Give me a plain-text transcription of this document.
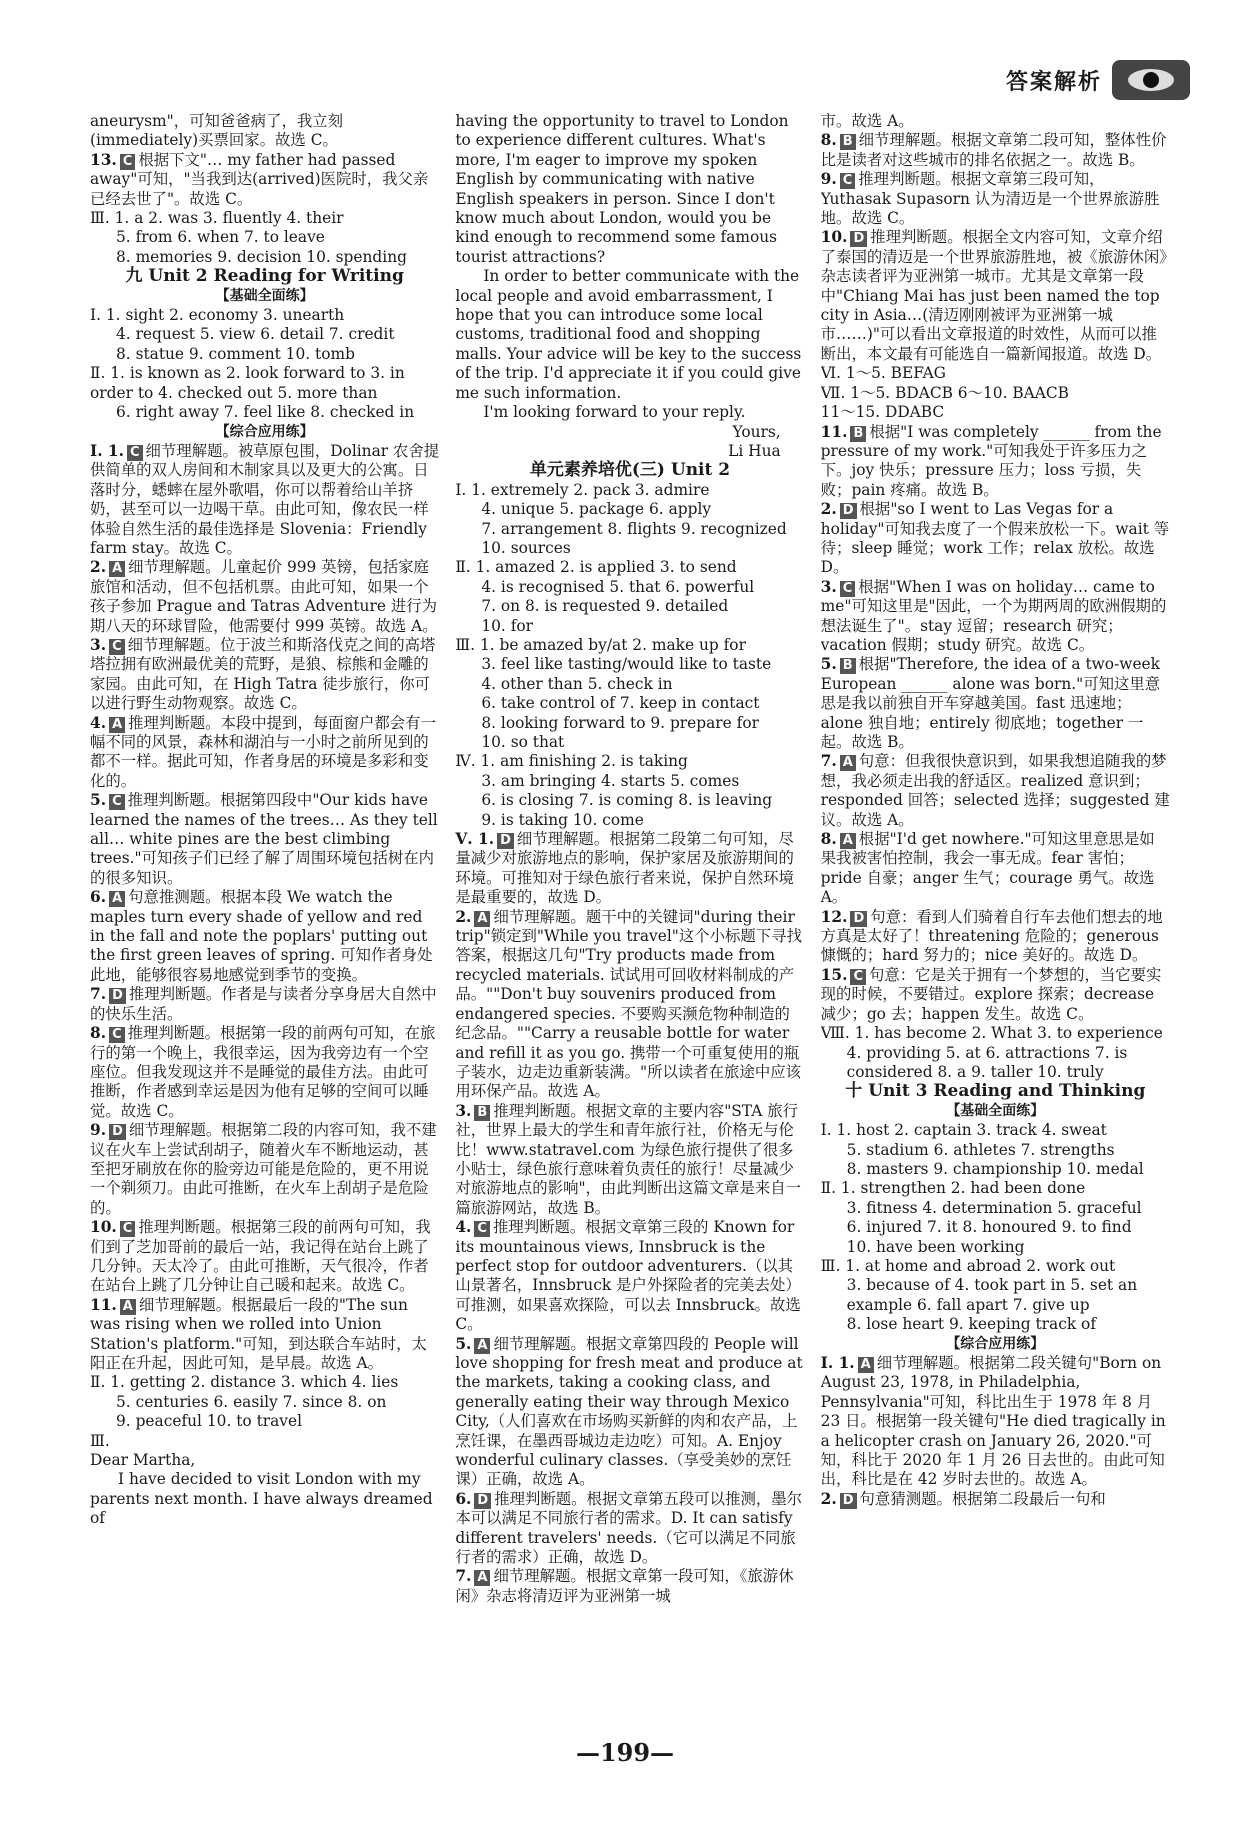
答案解析

aneurysm"，可知爸爸病了，我立刻(immediately)买票回家。故选 C。

13. C 根据下文"… my father had passed away"可知，"当我到达(arrived)医院时，我父亲已经去世了"。故选 C。

Ⅲ. 1. a 2. was 3. fluently 4. their

5. from 6. when 7. to leave

8. memories 9. decision 10. spending

九 Unit 2 Reading for Writing

【基础全面练】

Ⅰ. 1. sight 2. economy 3. unearth

4. request 5. view 6. detail 7. credit

8. statue 9. comment 10. tomb

Ⅱ. 1. is known as 2. look forward to 3. in order to 4. checked out 5. more than

6. right away 7. feel like 8. checked in

【综合应用练】

Ⅰ. 1. C 细节理解题。被草原包围，Dolinar 农舍提供简单的双人房间和木制家具以及更大的公寓。日落时分，蟋蟀在屋外歌唱，你可以帮着给山羊挤奶，甚至可以一边喝干草。由此可知，像农民一样体验自然生活的最佳选择是 Slovenia：Friendly farm stay。故选 C。

2. A 细节理解题。儿童起价 999 英镑，包括家庭旅馆和活动，但不包括机票。由此可知，如果一个孩子参加 Prague and Tatras Adventure 进行为期八天的环球冒险，他需要付 999 英镑。故选 A。

3. C 细节理解题。位于波兰和斯洛伐克之间的高塔塔拉拥有欧洲最优美的荒野，是狼、棕熊和金雕的家园。由此可知，在 High Tatra 徒步旅行，你可以进行野生动物观察。故选 C。

4. A 推理判断题。本段中提到，每面窗户都会有一幅不同的风景，森林和湖泊与一小时之前所见到的都不一样。据此可知，作者身居的环境是多彩和变化的。

5. C 推理判断题。根据第四段中"Our kids have learned the names of the trees… As they tell all… white pines are the best climbing trees."可知孩子们已经了解了周围环境包括树在内的很多知识。

6. A 句意推测题。根据本段 We watch the maples turn every shade of yellow and red in the fall and note the poplars' putting out the first green leaves of spring. 可知作者身处此地，能够很容易地感觉到季节的变换。

7. D 推理判断题。作者是与读者分享身居大自然中的快乐生活。

8. C 推理判断题。根据第一段的前两句可知，在旅行的第一个晚上，我很幸运，因为我旁边有一个空座位。但我发现这并不是睡觉的最佳方法。由此可推断，作者感到幸运是因为他有足够的空间可以睡觉。故选 C。

9. D 细节理解题。根据第二段的内容可知，我不建议在火车上尝试刮胡子，随着火车不断地运动，甚至把牙刷放在你的脸旁边可能是危险的，更不用说一个剃须刀。由此可推断，在火车上刮胡子是危险的。

10. C 推理判断题。根据第三段的前两句可知，我们到了芝加哥前的最后一站，我记得在站台上跳了几分钟。天太冷了。由此可推断，天气很冷，作者在站台上跳了几分钟让自己暖和起来。故选 C。

11. A 细节理解题。根据最后一段的"The sun was rising when we rolled into Union Station's platform."可知，到达联合车站时，太阳正在升起，因此可知，是早晨。故选 A。

Ⅱ. 1. getting 2. distance 3. which 4. lies

5. centuries 6. easily 7. since 8. on

9. peaceful 10. to travel

Ⅲ.

Dear Martha,

I have decided to visit London with my parents next month. I have always dreamed of

having the opportunity to travel to London to experience different cultures. What's more, I'm eager to improve my spoken English by communicating with native English speakers in person. Since I don't know much about London, would you be kind enough to recommend some famous tourist attractions?

In order to better communicate with the local people and avoid embarrassment, I hope that you can introduce some local customs, traditional food and shopping malls. Your advice will be key to the success of the trip. I'd appreciate it if you could give me such information.

I'm looking forward to your reply.

Yours,

Li Hua

单元素养培优(三) Unit 2

Ⅰ. 1. extremely 2. pack 3. admire

4. unique 5. package 6. apply

7. arrangement 8. flights 9. recognized

10. sources

Ⅱ. 1. amazed 2. is applied 3. to send

4. is recognised 5. that 6. powerful

7. on 8. is requested 9. detailed

10. for

Ⅲ. 1. be amazed by/at 2. make up for

3. feel like tasting/would like to taste

4. other than 5. check in

6. take control of 7. keep in contact

8. looking forward to 9. prepare for

10. so that

Ⅳ. 1. am finishing 2. is taking

3. am bringing 4. starts 5. comes

6. is closing 7. is coming 8. is leaving

9. is taking 10. come

Ⅴ. 1. D 细节理解题。根据第二段第二句可知，尽量减少对旅游地点的影响，保护家居及旅游期间的环境。可推知对于绿色旅行者来说，保护自然环境是最重要的，故选 D。

2. A 细节理解题。题干中的关键词"during their trip"锁定到"While you travel"这个小标题下寻找答案，根据这几句"Try products made from recycled materials. 试试用可回收材料制成的产品。""Don't buy souvenirs produced from endangered species. 不要购买濒危物种制造的纪念品。""Carry a reusable bottle for water and refill it as you go. 携带一个可重复使用的瓶子装水，边走边重新装满。"所以读者在旅途中应该用环保产品。故选 A。

3. B 推理判断题。根据文章的主要内容"STA 旅行社，世界上最大的学生和青年旅行社，价格无与伦比！www.statravel.com 为绿色旅行提供了很多小贴士，绿色旅行意味着负责任的旅行！尽量减少对旅游地点的影响"，由此判断出这篇文章是来自一篇旅游网站，故选 B。

4. C 推理判断题。根据文章第三段的 Known for its mountainous views, Innsbruck is the perfect stop for outdoor adventurers.（以其山景著名，Innsbruck 是户外探险者的完美去处）可推测，如果喜欢探险，可以去 Innsbruck。故选 C。

5. A 细节理解题。根据文章第四段的 People will love shopping for fresh meat and produce at the markets, taking a cooking class, and generally eating their way through Mexico City,（人们喜欢在市场购买新鲜的肉和农产品，上烹饪课，在墨西哥城边走边吃）可知。A. Enjoy wonderful culinary classes.（享受美妙的烹饪课）正确，故选 A。

6. D 推理判断题。根据文章第五段可以推测，墨尔本可以满足不同旅行者的需求。D. It can satisfy different travelers' needs.（它可以满足不同旅行者的需求）正确，故选 D。

7. A 细节理解题。根据文章第一段可知，《旅游休闲》杂志将清迈评为亚洲第一城

市。故选 A。

8. B 细节理解题。根据文章第二段可知，整体性价比是读者对这些城市的排名依据之一。故选 B。

9. C 推理判断题。根据文章第三段可知，Yuthasak Supasorn 认为清迈是一个世界旅游胜地。故选 C。

10. D 推理判断题。根据全文内容可知，文章介绍了泰国的清迈是一个世界旅游胜地，被《旅游休闲》杂志读者评为亚洲第一城市。尤其是文章第一段中"Chiang Mai has just been named the top city in Asia…(清迈刚刚被评为亚洲第一城市……)"可以看出文章报道的时效性，从而可以推断出，本文最有可能选自一篇新闻报道。故选 D。

Ⅵ. 1～5. BEFAG

Ⅶ. 1～5. BDACB 6～10. BAACB

11～15. DDABC

11. B 根据"I was completely ______ from the pressure of my work."可知我处于许多压力之下。joy 快乐；pressure 压力；loss 亏损，失败；pain 疼痛。故选 B。

2. D 根据"so I went to Las Vegas for a holiday"可知我去度了一个假来放松一下。wait 等待；sleep 睡觉；work 工作；relax 放松。故选 D。

3. C 根据"When I was on holiday… came to me"可知这里是"因此，一个为期两周的欧洲假期的想法诞生了"。stay 逗留；research 研究；vacation 假期；study 研究。故选 C。

5. B 根据"Therefore, the idea of a two-week European ______ alone was born."可知这里意思是我以前独自开车穿越美国。fast 迅速地；alone 独自地；entirely 彻底地；together 一起。故选 B。

7. A 句意：但我很快意识到，如果我想追随我的梦想，我必须走出我的舒适区。realized 意识到；responded 回答；selected 选择；suggested 建议。故选 A。

8. A 根据"I'd get nowhere."可知这里意思是如果我被害怕控制，我会一事无成。fear 害怕；pride 自豪；anger 生气；courage 勇气。故选 A。

12. D 句意：看到人们骑着自行车去他们想去的地方真是太好了！threatening 危险的；generous 慷慨的；hard 努力的；nice 美好的。故选 D。

15. C 句意：它是关于拥有一个梦想的，当它要实现的时候，不要错过。explore 探索；decrease 减少；go 去；happen 发生。故选 C。

Ⅷ. 1. has become 2. What 3. to experience

4. providing 5. at 6. attractions 7. is considered 8. a 9. taller 10. truly

十 Unit 3 Reading and Thinking

【基础全面练】

Ⅰ. 1. host 2. captain 3. track 4. sweat

5. stadium 6. athletes 7. strengths

8. masters 9. championship 10. medal

Ⅱ. 1. strengthen 2. had been done

3. fitness 4. determination 5. graceful

6. injured 7. it 8. honoured 9. to find

10. have been working

Ⅲ. 1. at home and abroad 2. work out

3. because of 4. took part in 5. set an example 6. fall apart 7. give up

8. lose heart 9. keeping track of

【综合应用练】

Ⅰ. 1. A 细节理解题。根据第二段关键句"Born on August 23, 1978, in Philadelphia, Pennsylvania"可知，科比出生于 1978 年 8 月 23 日。根据第一段关键句"He died tragically in a helicopter crash on January 26, 2020."可知，科比于 2020 年 1 月 26 日去世的。由此可知出，科比是在 42 岁时去世的。故选 A。

2. D 句意猜测题。根据第二段最后一句和

—199—
